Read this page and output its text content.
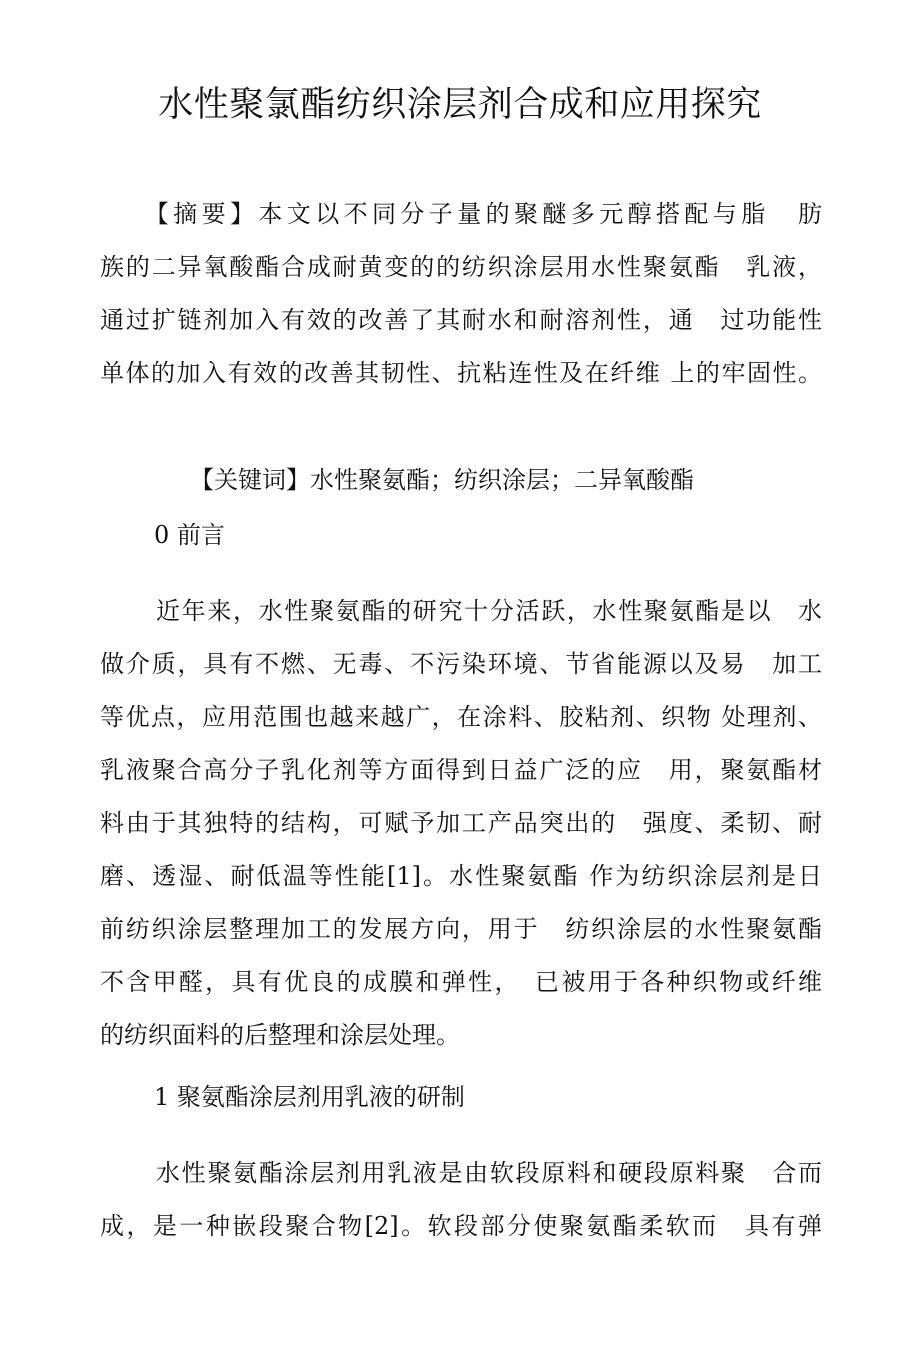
水性聚氯酯纺织涂层剂合成和应用探究
　　【摘要】本文以不同分子量的聚醚多元醇搭配与脂　肪
族的二异氧酸酯合成耐黄变的的纺织涂层用水性聚氨酯　乳液，
通过扩链剂加入有效的改善了其耐水和耐溶剂性，通　过功能性
单体的加入有效的改善其韧性、抗粘连性及在纤维 上的牢固性。
【关键词】水性聚氨酯；纺织涂层；二异氧酸酯
0 前言
近年来，水性聚氨酯的研究十分活跃，水性聚氨酯是以　水
做介质，具有不燃、无毒、不污染环境、节省能源以及易　加工
等优点，应用范围也越来越广，在涂料、胶粘剂、织物 处理剂、
乳液聚合高分子乳化剂等方面得到日益广泛的应　用，聚氨酯材
料由于其独特的结构，可赋予加工产品突出的　强度、柔韧、耐
磨、透湿、耐低温等性能[1]。水性聚氨酯 作为纺织涂层剂是日
前纺织涂层整理加工的发展方向，用于　纺织涂层的水性聚氨酯
不含甲醛，具有优良的成膜和弹性，　已被用于各种织物或纤维
的纺织面料的后整理和涂层处理。
1 聚氨酯涂层剂用乳液的研制
水性聚氨酯涂层剂用乳液是由软段原料和硬段原料聚　合而
成，是一种嵌段聚合物[2]。软段部分使聚氨酯柔软而　具有弹
